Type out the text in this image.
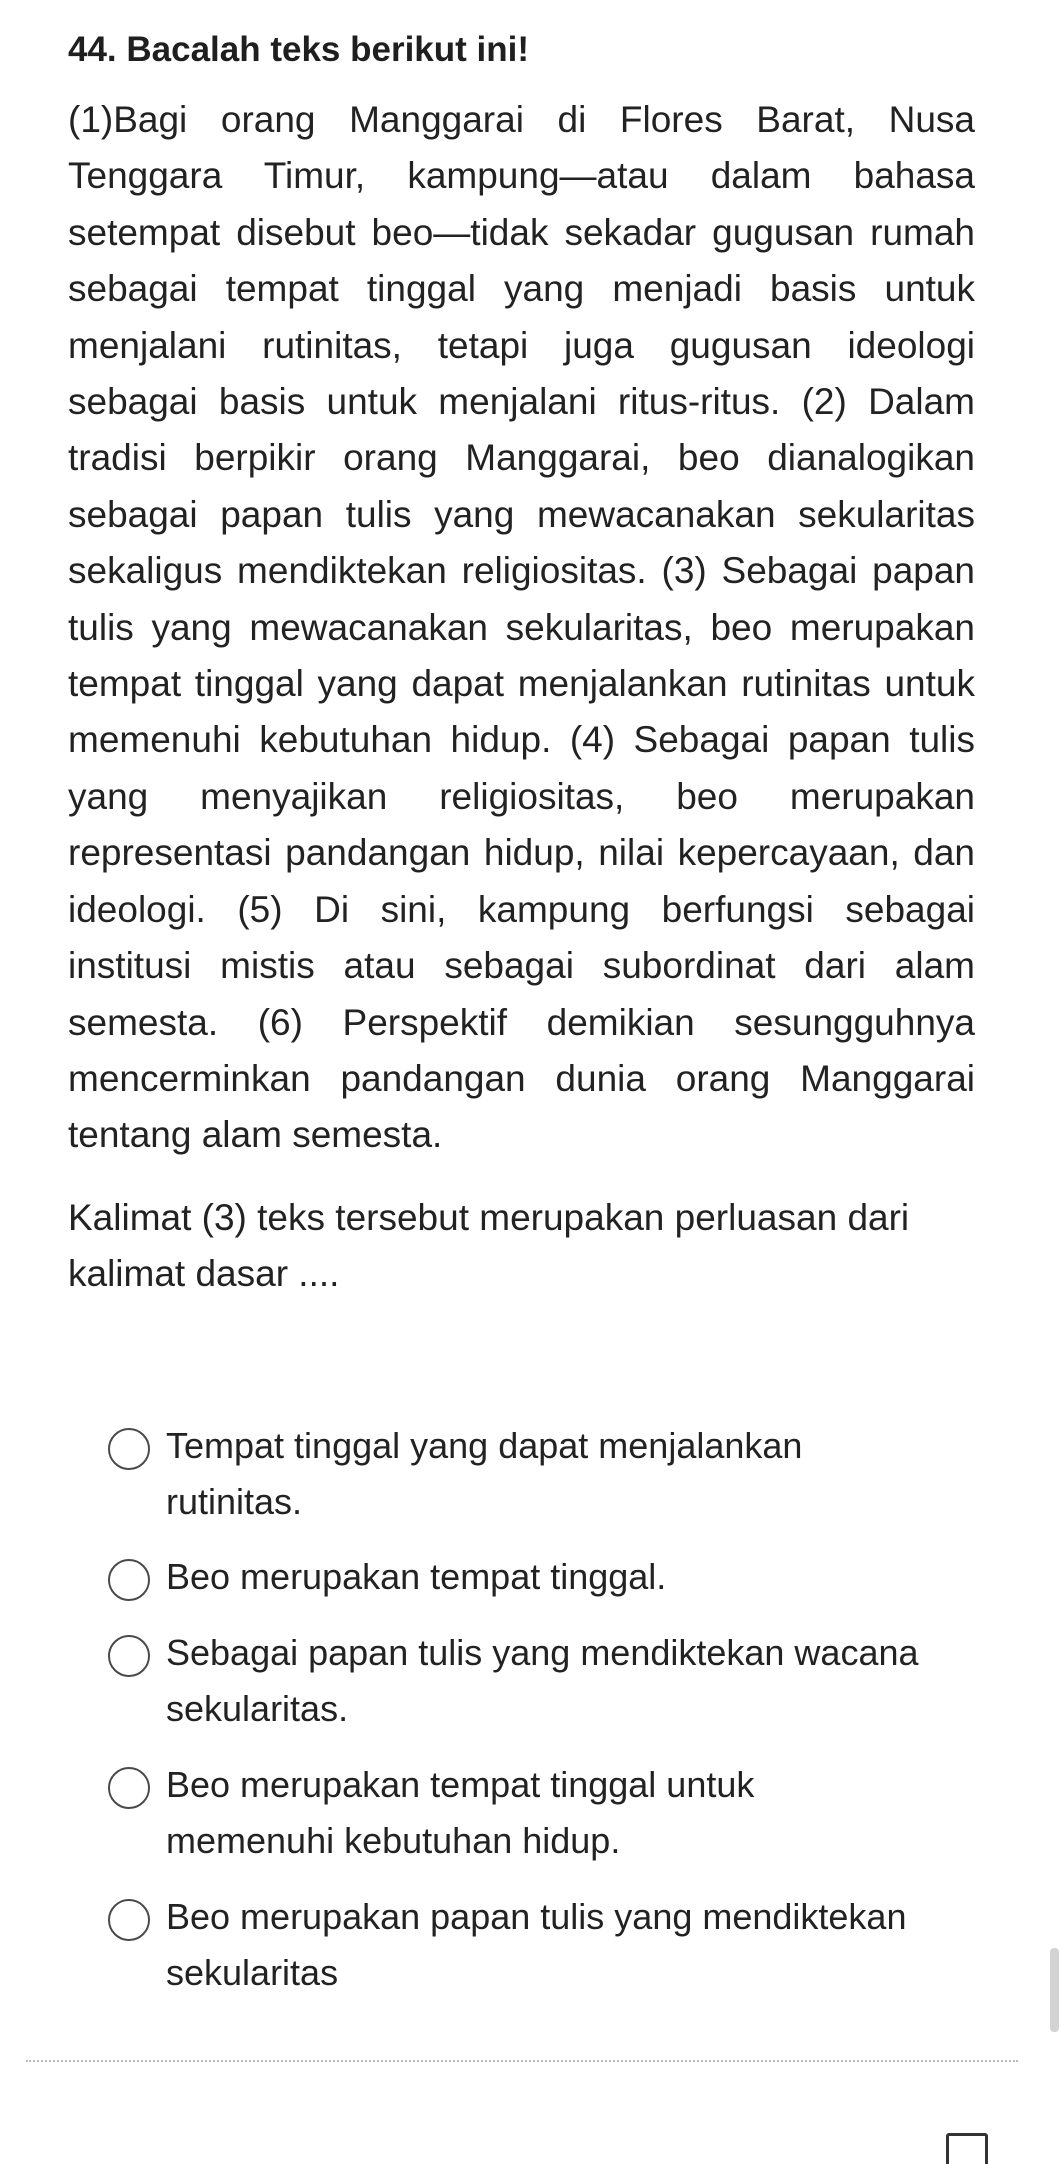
44. Bacalah teks berikut ini!

(1)Bagi orang Manggarai di Flores Barat, Nusa Tenggara Timur, kampung—atau dalam bahasa setempat disebut beo—tidak sekadar gugusan rumah sebagai tempat tinggal yang menjadi basis untuk menjalani rutinitas, tetapi juga gugusan ideologi sebagai basis untuk menjalani ritus-ritus. (2) Dalam tradisi berpikir orang Manggarai, beo dianalogikan sebagai papan tulis yang mewacanakan sekularitas sekaligus mendiktekan religiositas. (3) Sebagai papan tulis yang mewacanakan sekularitas, beo merupakan tempat tinggal yang dapat menjalankan rutinitas untuk memenuhi kebutuhan hidup. (4) Sebagai papan tulis yang menyajikan religiositas, beo merupakan representasi pandangan hidup, nilai kepercayaan, dan ideologi. (5) Di sini, kampung berfungsi sebagai institusi mistis atau sebagai subordinat dari alam semesta. (6) Perspektif demikian sesungguhnya mencerminkan pandangan dunia orang Manggarai tentang alam semesta.

Kalimat (3) teks tersebut merupakan perluasan dari kalimat dasar ....

Tempat tinggal yang dapat menjalankan rutinitas.
Beo merupakan tempat tinggal.
Sebagai papan tulis yang mendiktekan wacana sekularitas.
Beo merupakan tempat tinggal untuk memenuhi kebutuhan hidup.
Beo merupakan papan tulis yang mendiktekan sekularitas
